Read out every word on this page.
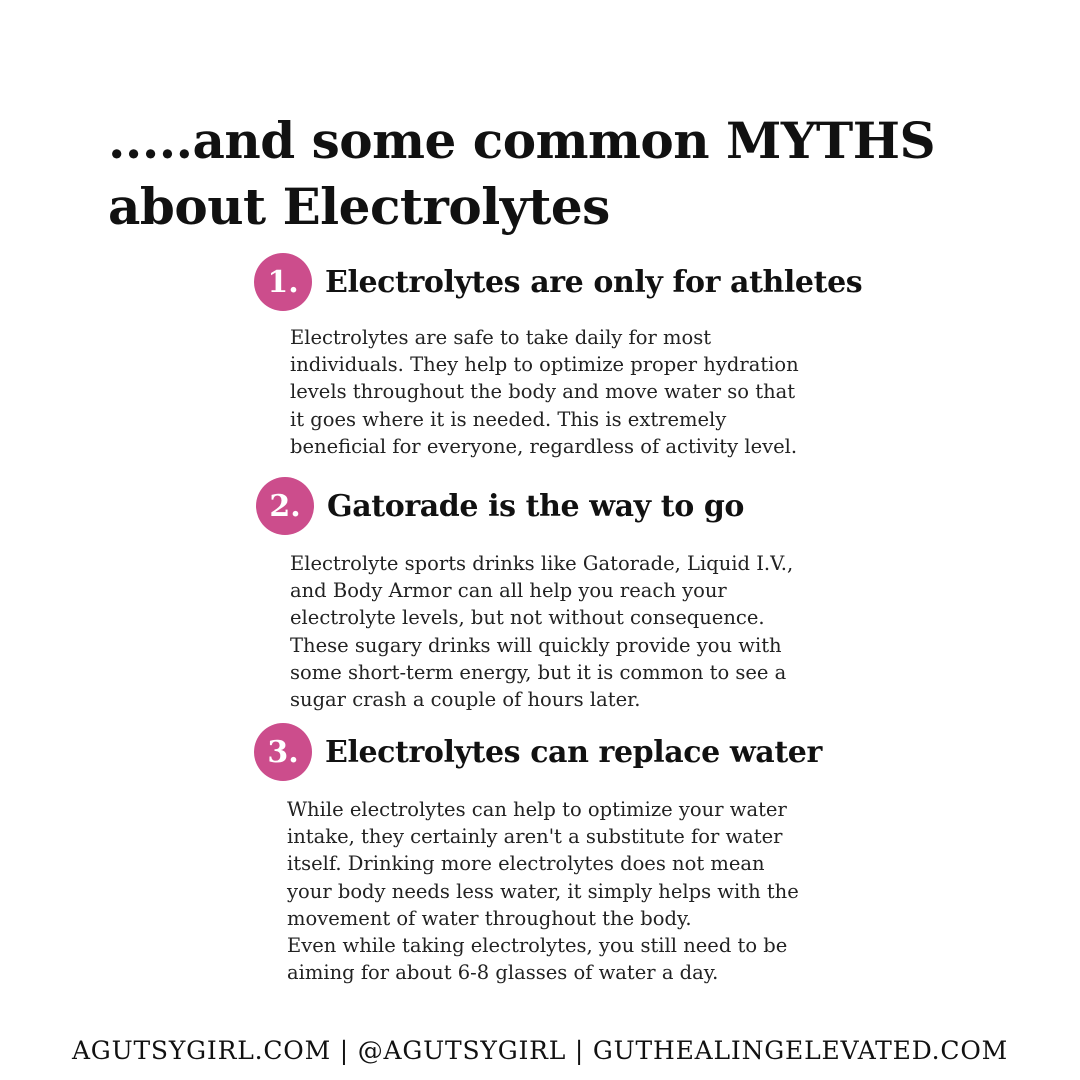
.....and some common MYTHS
about Electrolytes
1. Electrolytes are only for athletes

Electrolytes are safe to take daily for most
individuals. They help to optimize proper hydration
levels throughout the body and move water so that
it goes where it is needed. This is extremely
beneficial for everyone, regardless of activity level.

2. Gatorade is the way to go

Electrolyte sports drinks like Gatorade, Liquid I.V.,
and Body Armor can all help you reach your
electrolyte levels, but not without consequence.
These sugary drinks will quickly provide you with
some short-term energy, but it is common to see a
sugar crash a couple of hours later.

3. Electrolytes can replace water

While electrolytes can help to optimize your water
intake, they certainly aren't a substitute for water
itself. Drinking more electrolytes does not mean
your body needs less water, it simply helps with the
movement of water throughout the body.
Even while taking electrolytes, you still need to be
aiming for about 6-8 glasses of water a day.

AGUTSYGIRL.COM | @AGUTSYGIRL | GUTHEALINGELEVATED.COM
